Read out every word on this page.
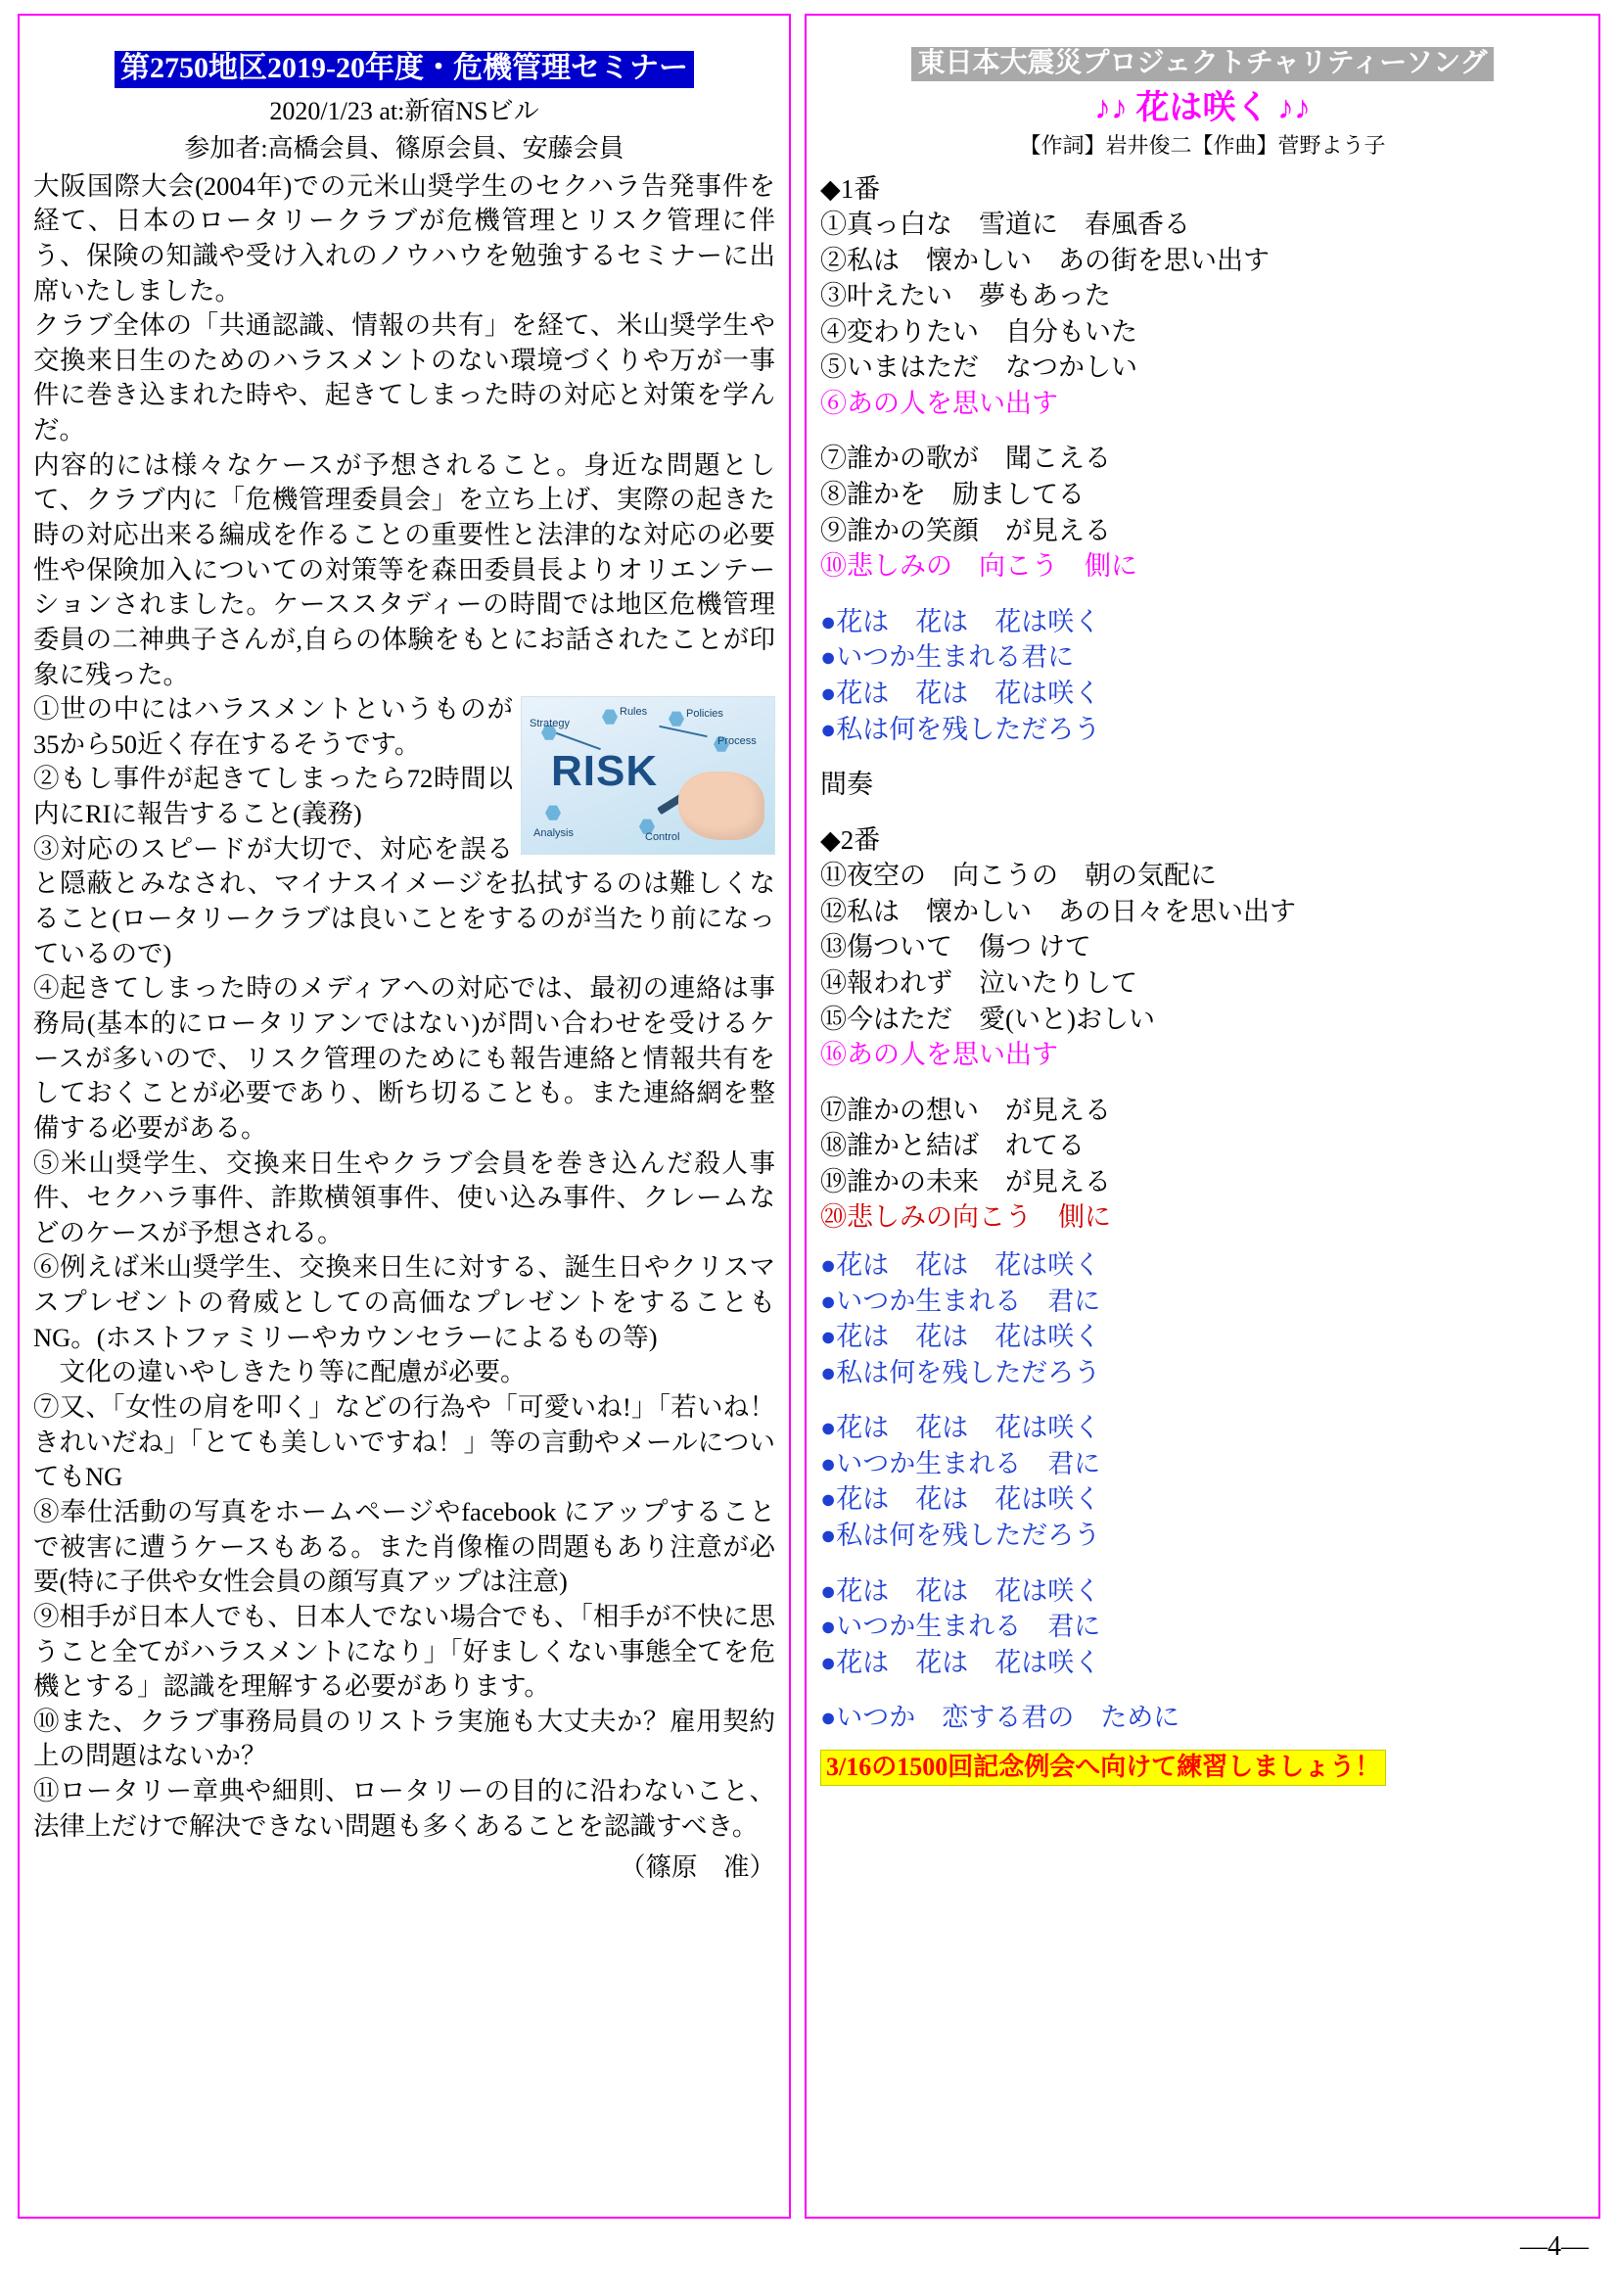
第2750地区2019-20年度・危機管理セミナー
2020/1/23 at:新宿NSビル
参加者:高橋会員、篠原会員、安藤会員

大阪国際大会(2004年)での元米山奨学生のセクハラ告発事件を経て、日本のロータリークラブが危機管理とリスク管理に伴う、保険の知識や受け入れのノウハウを勉強するセミナーに出席いたしました。

クラブ全体の「共通認識、情報の共有」を経て、米山奨学生や交換来日生のためのハラスメントのない環境づくりや万が一事件に巻き込まれた時や、起きてしまった時の対応と対策を学んだ。

内容的には様々なケースが予想されること。身近な問題として、クラブ内に「危機管理委員会」を立ち上げ、実際の起きた時の対応出来る編成を作ることの重要性と法津的な対応の必要性や保険加入についての対策等を森田委員長よりオリエンテーションされました。ケーススタディーの時間では地区危機管理委員の二神典子さんが,自らの体験をもとにお話されたことが印象に残った。

RISK
Strategy
Rules	Policies
Process
Analysis	Control

①世の中にはハラスメントというものが35から50近く存在するそうです。

②もし事件が起きてしまったら72時間以内にRIに報告すること(義務)

③対応のスピードが大切で、対応を誤ると隠蔽とみなされ、マイナスイメージを払拭するのは難しくなること(ロータリークラブは良いことをするのが当たり前になっているので)

④起きてしまった時のメディアへの対応では、最初の連絡は事務局(基本的にロータリアンではない)が問い合わせを受けるケースが多いので、リスク管理のためにも報告連絡と情報共有をしておくことが必要であり、断ち切ることも。また連絡網を整備する必要がある。

⑤米山奨学生、交換来日生やクラブ会員を巻き込んだ殺人事件、セクハラ事件、詐欺横領事件、使い込み事件、クレームなどのケースが予想される。

⑥例えば米山奨学生、交換来日生に対する、誕生日やクリスマスプレゼントの脅威としての高価なプレゼントをすることもNG。(ホストファミリーやカウンセラーによるもの等)

　文化の違いやしきたり等に配慮が必要。

⑦又、「女性の肩を叩く」などの行為や「可愛いね!」「若いね！きれいだね」「とても美しいですね！」等の言動やメールについてもNG

⑧奉仕活動の写真をホームページやfacebook にアップすることで被害に遭うケースもある。また肖像権の問題もあり注意が必要(特に子供や女性会員の顔写真アップは注意)

⑨相手が日本人でも、日本人でない場合でも、「相手が不快に思うこと全てがハラスメントになり」「好ましくない事態全てを危機とする」認識を理解する必要があります。

⑩また、クラブ事務局員のリストラ実施も大丈夫か？雇用契約上の問題はないか？

⑪ロータリー章典や細則、ロータリーの目的に沿わないこと、法律上だけで解決できない問題も多くあることを認識すべき。

（篠原　准）
東日本大震災プロジェクトチャリティーソング
♪♪ 花は咲く ♪♪
【作詞】岩井俊二【作曲】菅野よう子
◆1番
①真っ白な　雪道に　春風香る
②私は　懐かしい　あの街を思い出す
③叶えたい　夢もあった
④変わりたい　自分もいた
⑤いまはただ　なつかしい
⑥あの人を思い出す
⑦誰かの歌が　聞こえる
⑧誰かを　励ましてる
⑨誰かの笑顔　が見える
⑩悲しみの　向こう　側に
●花は　花は　花は咲く
●いつか生まれる君に
●花は　花は　花は咲く
●私は何を残しただろう
間奏
◆2番
⑪夜空の　向こうの　朝の気配に
⑫私は　懐かしい　あの日々を思い出す
⑬傷ついて　傷つ けて
⑭報われず　泣いたりして
⑮今はただ　愛(いと)おしい
⑯あの人を思い出す
⑰誰かの想い　が見える
⑱誰かと結ば　れてる
⑲誰かの未来　が見える
⑳悲しみの向こう　側に
●花は　花は　花は咲く
●いつか生まれる　君に
●花は　花は　花は咲く
●私は何を残しただろう
●花は　花は　花は咲く
●いつか生まれる　君に
●花は　花は　花は咲く
●私は何を残しただろう
●花は　花は　花は咲く
●いつか生まれる　君に
●花は　花は　花は咲く
●いつか　恋する君の　ために
3/16の1500回記念例会へ向けて練習しましょう！
—4—
